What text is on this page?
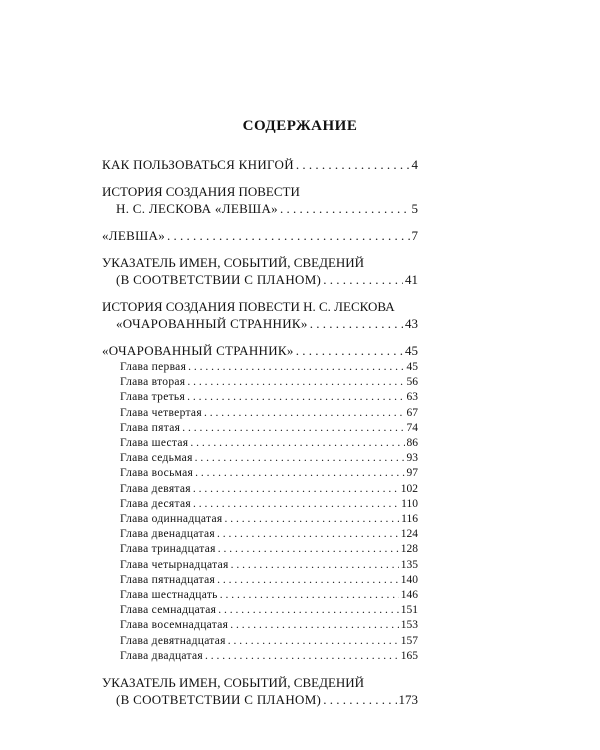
СОДЕРЖАНИЕ
КАК ПОЛЬЗОВАТЬСЯ КНИГОЙ . . .	4
ИСТОРИЯ СОЗДАНИЯ ПОВЕСТИ
Н. С. ЛЕСКОВА «ЛЕВША» . . .	5
«ЛЕВША» . . .	7
УКАЗАТЕЛЬ ИМЕН, СОБЫТИЙ, СВЕДЕНИЙ
(В СООТВЕТСТВИИ С ПЛАНОМ) . . .	41
ИСТОРИЯ СОЗДАНИЯ ПОВЕСТИ Н. С. ЛЕСКОВА
«ОЧАРОВАННЫЙ СТРАННИК» . . .	43
«ОЧАРОВАННЫЙ СТРАННИК» . . .	45
Глава первая . . .	45
Глава вторая . . .	56
Глава третья . . .	63
Глава четвертая . . .	67
Глава пятая . . .	74
Глава шестая . . .	86
Глава седьмая . . .	93
Глава восьмая . . .	97
Глава девятая . . .	102
Глава десятая . . .	110
Глава одиннадцатая . . .	116
Глава двенадцатая . . .	124
Глава тринадцатая . . .	128
Глава четырнадцатая . . .	135
Глава пятнадцатая . . .	140
Глава шестнадцать . . .	146
Глава семнадцатая . . .	151
Глава восемнадцатая . . .	153
Глава девятнадцатая . . .	157
Глава двадцатая . . .	165
УКАЗАТЕЛЬ ИМЕН, СОБЫТИЙ, СВЕДЕНИЙ
(В СООТВЕТСТВИИ С ПЛАНОМ) . . .	173
